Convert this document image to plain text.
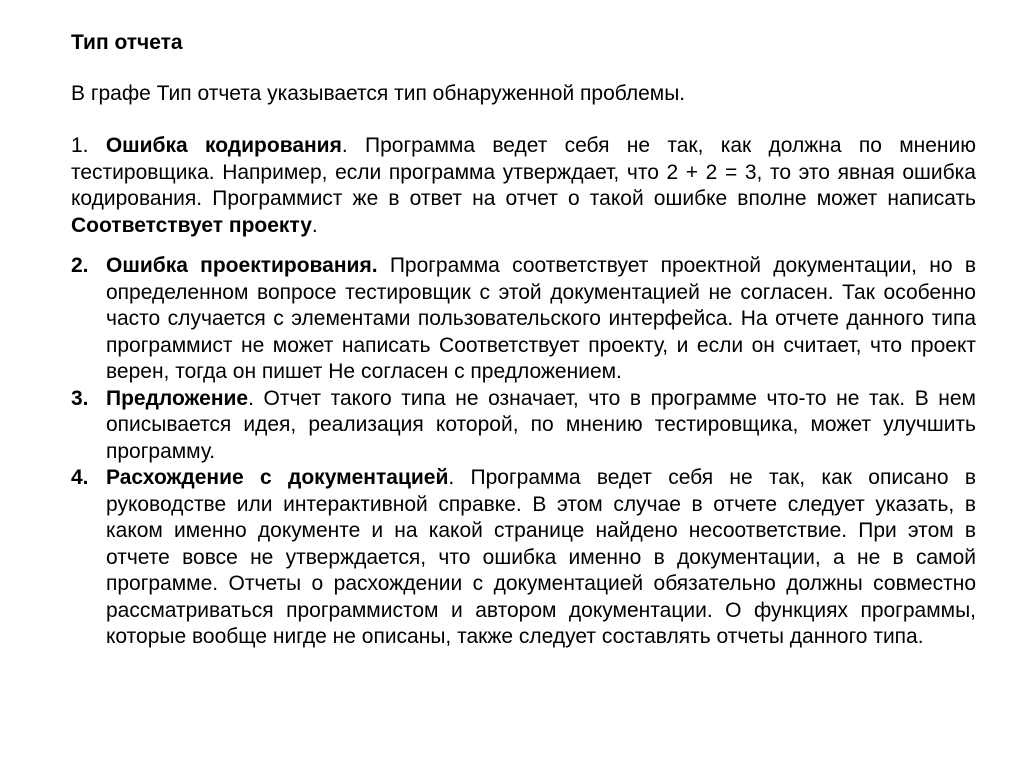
Тип отчета
В графе Тип отчета указывается тип обнаруженной проблемы.
1. Ошибка кодирования. Программа ведет себя не так, как должна по мнению тестировщика. Например, если программа утверждает, что 2 + 2 = 3, то это явная ошибка кодирования. Программист же в ответ на отчет о такой ошибке вполне может написать Соответствует проекту.
2. Ошибка проектирования. Программа соответствует проектной документации, но в определенном вопросе тестировщик с этой документацией не согласен. Так особенно часто случается с элементами пользовательского интерфейса. На отчете данного типа программист не может написать Соответствует проекту, и если он считает, что проект верен, тогда он пишет Не согласен с предложением.
3. Предложение. Отчет такого типа не означает, что в программе что-то не так. В нем описывается идея, реализация которой, по мнению тестировщика, может улучшить программу.
4. Расхождение с документацией. Программа ведет себя не так, как описано в руководстве или интерактивной справке. В этом случае в отчете следует указать, в каком именно документе и на какой странице найдено несоответствие. При этом в отчете вовсе не утверждается, что ошибка именно в документации, а не в самой программе. Отчеты о расхождении с документацией обязательно должны совместно рассматриваться программистом и автором документации. О функциях программы, которые вообще нигде не описаны, также следует составлять отчеты данного типа.
